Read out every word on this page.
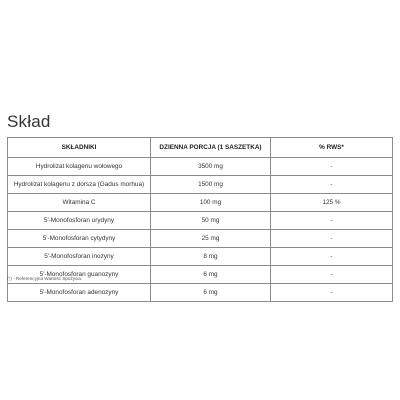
Skład
SKŁADNIKI	DZIENNA PORCJA (1 SASZETKA)	% RWS*
Hydrolizat kolagenu wołowego	3500 mg	-
Hydrolizat kolagenu z dorsza (Gadus morhua)	1500 mg	-
Witamina C	100 mg	125 %
5'-Monofosforan urydyny	50 mg	-
5'-Monofosforan cytydyny	25 mg	-
5'-Monofosforan inozyny	8 mg	-
5'-Monofosforan guanozyny	6 mg	-
5'-Monofosforan adenozyny	6 mg	-
(*) - Referencyjna Wartość Spożycia.
